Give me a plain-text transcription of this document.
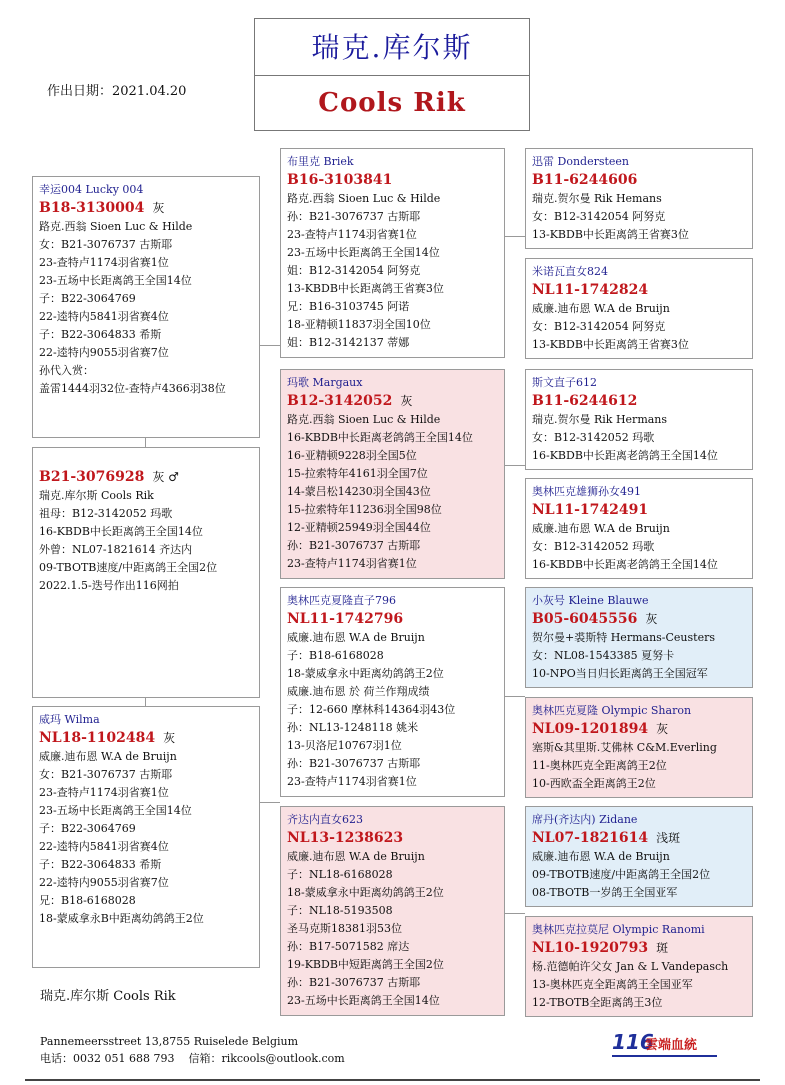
瑞克.库尔斯
Cools Rik
作出日期：2021.04.20
幸运004 Lucky 004
B18-3130004 灰
路克.西翁 Sioen Luc & Hilde
女：B21-3076737 古斯耶
23-查特卢1174羽省赛1位
23-五场中长距离鸽王全国14位
子：B22-3064769
22-逵特内5841羽省赛4位
子：B22-3064833 希斯
22-逵特内9055羽省赛7位
孙代入赏：
盖雷1444羽32位-查特卢4366羽38位
B21-3076928 灰 ♂
瑞克.库尔斯 Cools Rik
祖母：B12-3142052 玛歌
16-KBDB中长距离鸽王全国14位
外曾：NL07-1821614 齐达内
09-TBOTB速度/中距离鸽王全国2位
2022.1.5-迭号作出116网拍
威玛 Wilma
NL18-1102484 灰
威廉.迪布恩 W.A de Bruijn
女：B21-3076737 古斯耶
23-查特卢1174羽省赛1位
23-五场中长距离鸽王全国14位
子：B22-3064769
22-逵特内5841羽省赛4位
子：B22-3064833 希斯
22-逵特内9055羽省赛7位
兄：B18-6168028
18-蒙威拿永B中距离幼鸽鸽王2位
布里克 Briek
B16-3103841
路克.西翁 Sioen Luc & Hilde
孙：B21-3076737 古斯耶
23-查特卢1174羽省赛1位
23-五场中长距离鸽王全国14位
姐：B12-3142054 阿努克
13-KBDB中长距离鸽王省赛3位
兄：B16-3103745 阿诺
18-亚精顿11837羽全国10位
姐：B12-3142137 蒂娜
玛歌 Margaux
B12-3142052 灰
路克.西翁 Sioen Luc & Hilde
16-KBDB中长距离老鸽鸽王全国14位
16-亚精顿9228羽全国5位
15-拉索特年4161羽全国7位
14-蒙吕松14230羽全国43位
15-拉索特年11236羽全国98位
12-亚精顿25949羽全国44位
孙：B21-3076737 古斯耶
23-查特卢1174羽省赛1位
奥林匹克夏隆直子796
NL11-1742796
威廉.迪布恩 W.A de Bruijn
子：B18-6168028
18-蒙威拿永中距离幼鸽鸽王2位
威廉.迪布恩 於 荷兰作翔成绩
子：12-660 摩林科14364羽43位
孙：NL13-1248118 姚米
13-贝洛尼10767羽1位
孙：B21-3076737 古斯耶
23-查特卢1174羽省赛1位
齐达内直女623
NL13-1238623
威廉.迪布恩 W.A de Bruijn
子：NL18-6168028
18-蒙威拿永中距离幼鸽鸽王2位
子：NL18-5193508
圣马克斯18381羽53位
孙：B17-5071582 席达
19-KBDB中短距离鸽王全国2位
孙：B21-3076737 古斯耶
23-五场中长距离鸽王全国14位
迅雷 Dondersteen
B11-6244606
瑞克.贺尔曼 Rik Hemans
女：B12-3142054 阿努克
13-KBDB中长距离鸽王省赛3位
米诺瓦直女824
NL11-1742824
威廉.迪布恩 W.A de Bruijn
女：B12-3142054 阿努克
13-KBDB中长距离鸽王省赛3位
斯文直子612
B11-6244612
瑞克.贺尔曼 Rik Hermans
女：B12-3142052 玛歌
16-KBDB中长距离老鸽鸽王全国14位
奥林匹克雄狮孙女491
NL11-1742491
威廉.迪布恩 W.A de Bruijn
女：B12-3142052 玛歌
16-KBDB中长距离老鸽鸽王全国14位
小灰号 Kleine Blauwe
B05-6045556 灰
贺尔曼+裘斯特 Hermans-Ceusters
女：NL08-1543385 夏努卡
10-NPO当日归长距离鸽王全国冠军
奥林匹克夏隆 Olympic Sharon
NL09-1201894 灰
塞斯&其里斯.艾佛林 C&M.Everling
11-奥林匹克全距离鸽王2位
10-西欧盃全距离鸽王2位
席丹(齐达内) Zidane
NL07-1821614 浅斑
威廉.迪布恩 W.A de Bruijn
09-TBOTB速度/中距离鸽王全国2位
08-TBOTB一岁鸽王全国亚军
奥林匹克拉莫尼 Olympic Ranomi
NL10-1920793 斑
杨.范德帕许父女 Jan & L Vandepasch
13-奥林匹克全距离鸽王全国亚军
12-TBOTB全距离鸽王3位
瑞克.库尔斯 Cools Rik
Pannemeersstreet 13,8755 Ruiselede Belgium
电话：0032 051 688 793    信箱：rikcools@outlook.com
116
雲端血統
